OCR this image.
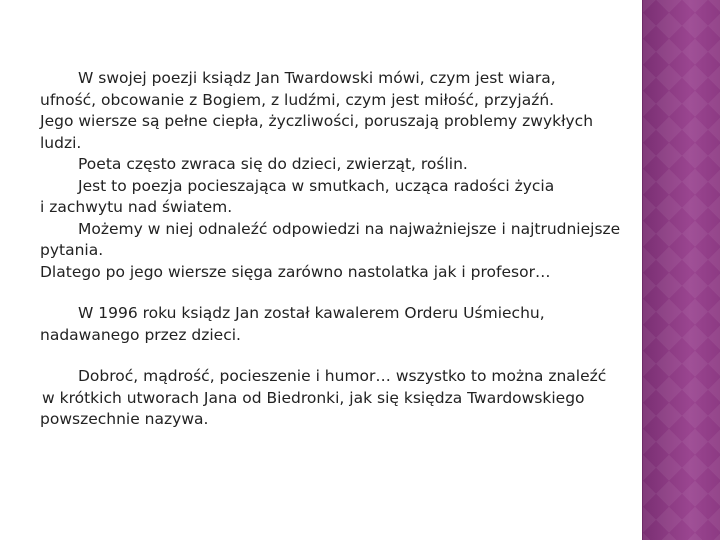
W swojej poezji ksiądz Jan Twardowski mówi, czym jest wiara,
ufność, obcowanie z Bogiem, z ludźmi, czym jest miłość, przyjaźń.
Jego wiersze są pełne ciepła, życzliwości, poruszają problemy zwykłych
ludzi.
Poeta często zwraca się do dzieci, zwierząt, roślin.
Jest to poezja pocieszająca w smutkach, ucząca radości życia
i zachwytu nad światem.
Możemy w niej odnaleźć odpowiedzi na najważniejsze i najtrudniejsze
pytania.
Dlatego po jego wiersze sięga zarówno nastolatka jak i profesor…
W 1996 roku ksiądz Jan został kawalerem Orderu Uśmiechu,
nadawanego przez dzieci.
Dobroć, mądrość, pocieszenie i humor… wszystko to można znaleźć
w krótkich utworach Jana od Biedronki, jak się księdza Twardowskiego
powszechnie nazywa.
